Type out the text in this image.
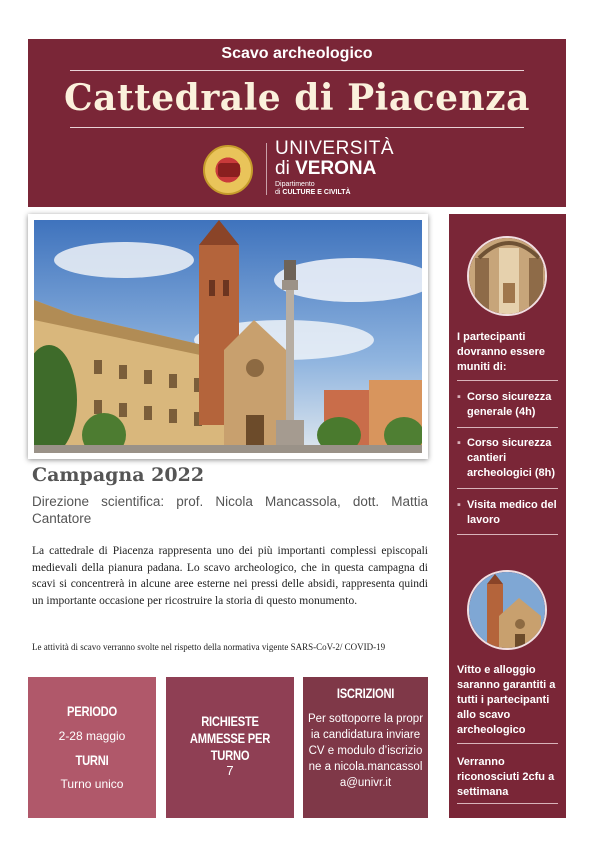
Scavo archeologico
Cattedrale di Piacenza
UNIVERSITÀ
di VERONA
Dipartimento
di CULTURE E CIVILTÀ
Campagna 2022
Direzione scientifica: prof. Nicola Mancassola, dott. Mattia Cantatore
La cattedrale di Piacenza rappresenta uno dei più importanti complessi episcopali medievali della pianura padana. Lo scavo archeologico, che in questa campagna di scavi si concentrerà in alcune aree esterne nei pressi delle absidi, rappresenta quindi un importante occasione per ricostruire la storia di questo monumento.
Le attività di scavo verranno svolte nel rispetto della normativa vigente SARS-CoV-2/ COVID-19
PERIODO
2-28 maggio
TURNI
Turno unico
RICHIESTE AMMESSE PER TURNO
7
ISCRIZIONI
Per sottoporre la propria candidatura inviare CV e modulo d’iscrizione a nicola.mancassola@univr.it
I partecipanti dovranno essere muniti di:
▪ Corso sicurezza generale (4h)
▪ Corso sicurezza cantieri archeologici (8h)
▪ Visita medico del lavoro
Vitto e alloggio saranno garantiti a tutti i partecipanti allo scavo archeologico
Verranno riconosciuti 2cfu a settimana
